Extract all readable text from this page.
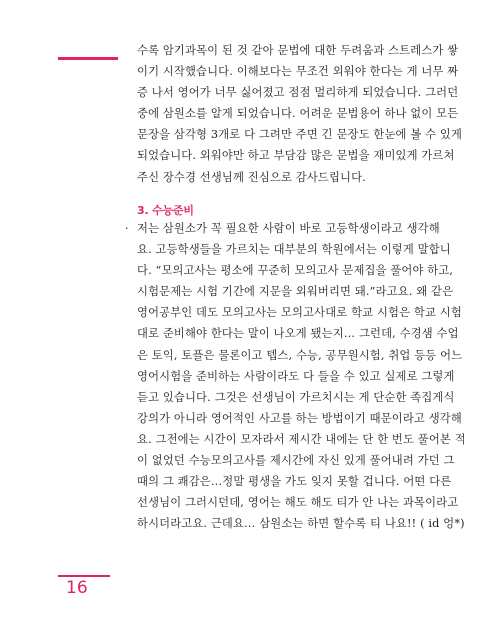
수록 암기과목이 된 것 같아 문법에 대한 두려움과 스트레스가 쌓
이기 시작했습니다. 이해보다는 무조건 외워야 한다는 게 너무 짜
증 나서 영어가 너무 싫어졌고 점점 멀리하게 되었습니다. 그러던
중에 삼원소를 알게 되었습니다. 어려운 문법용어 하나 없이 모든
문장을 삼각형 3개로 다 그려만 주면 긴 문장도 한눈에 볼 수 있게
되었습니다. 외워야만 하고 부담감 많은 문법을 재미있게 가르쳐
주신 장수경 선생님께 진심으로 감사드립니다.
3. 수능준비
· 저는 삼원소가 꼭 필요한 사람이 바로 고등학생이라고 생각해
요. 고등학생들을 가르치는 대부분의 학원에서는 이렇게 말합니
다. “모의고사는 평소에 꾸준히 모의고사 문제집을 풀어야 하고,
시험문제는 시험 기간에 지문을 외워버리면 돼.”라고요. 왜 같은
영어공부인 데도 모의고사는 모의고사대로 학교 시험은 학교 시험
대로 준비해야 한다는 말이 나오게 됐는지… 그런데, 수경샘 수업
은 토익, 토플은 물론이고 텝스, 수능, 공무원시험, 취업 등등 어느
영어시험을 준비하는 사람이라도 다 들을 수 있고 실제로 그렇게
듣고 있습니다. 그것은 선생님이 가르치시는 게 단순한 족집게식
강의가 아니라 영어적인 사고를 하는 방법이기 때문이라고 생각해
요. 그전에는 시간이 모자라서 제시간 내에는 단 한 번도 풀어본 적
이 없었던 수능모의고사를 제시간에 자신 있게 풀어내려 가던 그
때의 그 쾌감은…정말 평생을 가도 잊지 못할 겁니다. 어떤 다른
선생님이 그러시던데, 영어는 해도 해도 티가 안 나는 과목이라고
하시더라고요. 근데요… 삼원소는 하면 할수록 티 나요!! ( id 엉*)
16
